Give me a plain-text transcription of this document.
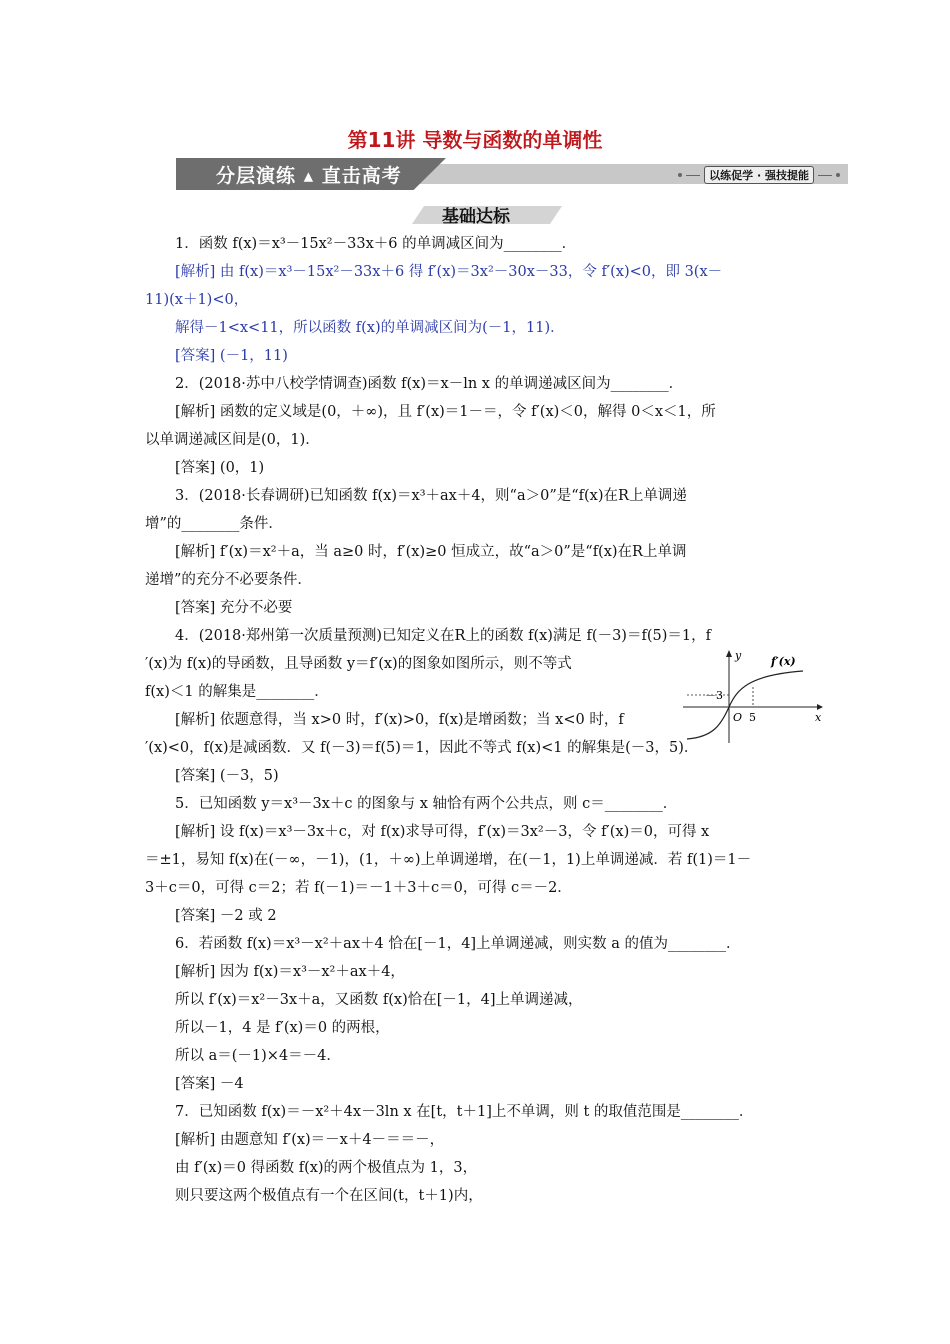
第11讲 导数与函数的单调性
分层演练 ▴ 直击高考	以练促学 · 强技提能
基础达标
1．函数 f(x)＝x³－15x²－33x＋6 的单调减区间为________．
[解析] 由 f(x)＝x³－15x²－33x＋6 得 f′(x)＝3x²－30x－33，令 f′(x)<0，即 3(x－
11)(x＋1)<0，
解得－1<x<11，所以函数 f(x)的单调减区间为(－1，11)．
[答案] (－1，11)
2．(2018·苏中八校学情调查)函数 f(x)＝x－ln x 的单调递减区间为________．
[解析] 函数的定义域是(0，＋∞)，且 f′(x)＝1－＝，令 f′(x)＜0，解得 0＜x＜1，所
以单调递减区间是(0，1)．
[答案] (0，1)
3．(2018·长春调研)已知函数 f(x)＝x³＋ax＋4，则“a＞0”是“f(x)在R上单调递
增”的________条件．
[解析] f′(x)＝x²＋a，当 a≥0 时，f′(x)≥0 恒成立，故“a＞0”是“f(x)在R上单调
递增”的充分不必要条件．
[答案] 充分不必要
4．(2018·郑州第一次质量预测)已知定义在R上的函数 f(x)满足 f(－3)＝f(5)＝1，f
′(x)为 f(x)的导函数，且导函数 y＝f′(x)的图象如图所示，则不等式
f(x)＜1 的解集是________．
[解析] 依题意得，当 x>0 时，f′(x)>0，f(x)是增函数；当 x<0 时，f
′(x)<0，f(x)是减函数．又 f(－3)＝f(5)＝1，因此不等式 f(x)<1 的解集是(－3，5)．
[答案] (－3，5)
5．已知函数 y＝x³－3x＋c 的图象与 x 轴恰有两个公共点，则 c＝________．
[解析] 设 f(x)＝x³－3x＋c，对 f(x)求导可得，f′(x)＝3x²－3，令 f′(x)＝0，可得 x
＝±1，易知 f(x)在(－∞，－1)，(1，＋∞)上单调递增，在(－1，1)上单调递减．若 f(1)＝1－
3＋c＝0，可得 c＝2；若 f(－1)＝－1＋3＋c＝0，可得 c＝－2．
[答案] －2 或 2
6．若函数 f(x)＝x³－x²＋ax＋4 恰在[－1，4]上单调递减，则实数 a 的值为________．
[解析] 因为 f(x)＝x³－x²＋ax＋4，
所以 f′(x)＝x²－3x＋a，又函数 f(x)恰在[－1，4]上单调递减，
所以－1，4 是 f′(x)＝0 的两根，
所以 a＝(－1)×4＝－4．
[答案] －4
7．已知函数 f(x)＝－x²＋4x－3ln x 在[t，t＋1]上不单调，则 t 的取值范围是________．
[解析] 由题意知 f′(x)＝－x＋4－＝＝－，
由 f′(x)＝0 得函数 f(x)的两个极值点为 1，3，
则只要这两个极值点有一个在区间(t，t＋1)内，
y	f′(x)
x
－3
O 5
